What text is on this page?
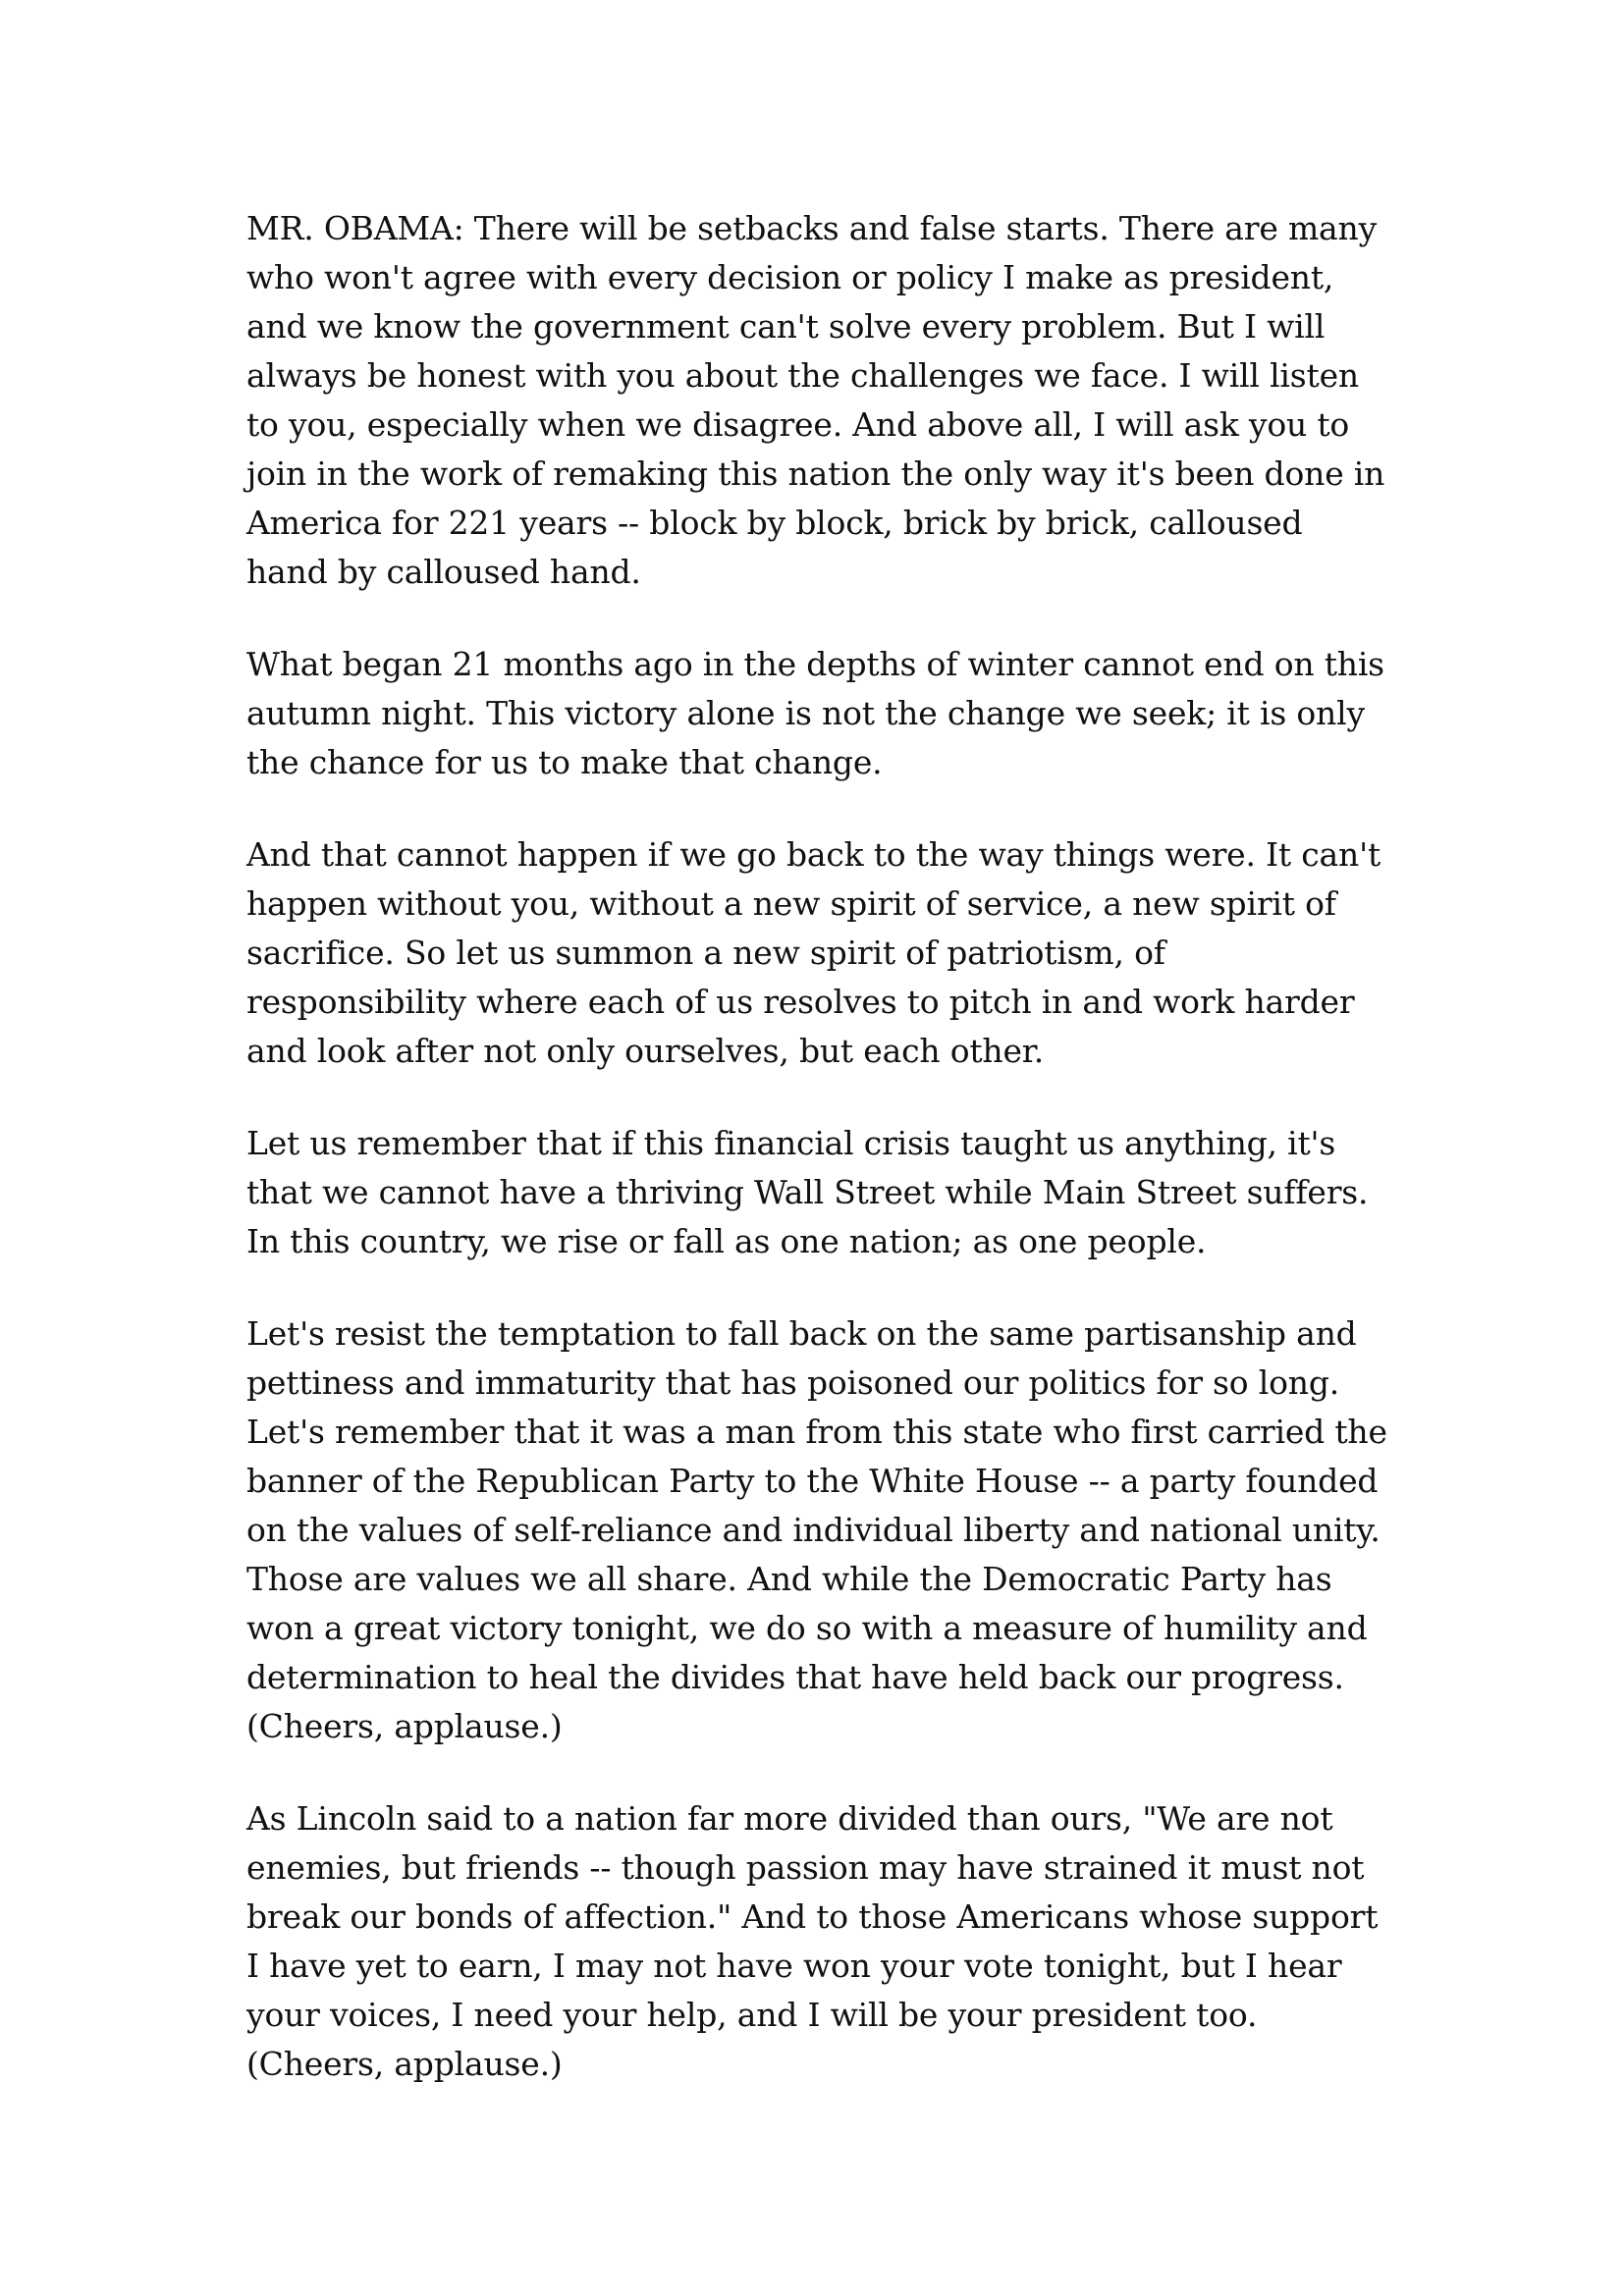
MR. OBAMA: There will be setbacks and false starts. There are many
who won't agree with every decision or policy I make as president,
and we know the government can't solve every problem. But I will
always be honest with you about the challenges we face. I will listen
to you, especially when we disagree. And above all, I will ask you to
join in the work of remaking this nation the only way it's been done in
America for 221 years -- block by block, brick by brick, calloused
hand by calloused hand.

What began 21 months ago in the depths of winter cannot end on this
autumn night. This victory alone is not the change we seek; it is only
the chance for us to make that change.

And that cannot happen if we go back to the way things were. It can't
happen without you, without a new spirit of service, a new spirit of
sacrifice. So let us summon a new spirit of patriotism, of
responsibility where each of us resolves to pitch in and work harder
and look after not only ourselves, but each other.

Let us remember that if this financial crisis taught us anything, it's
that we cannot have a thriving Wall Street while Main Street suffers.
In this country, we rise or fall as one nation; as one people.

Let's resist the temptation to fall back on the same partisanship and
pettiness and immaturity that has poisoned our politics for so long.
Let's remember that it was a man from this state who first carried the
banner of the Republican Party to the White House -- a party founded
on the values of self-reliance and individual liberty and national unity.
Those are values we all share. And while the Democratic Party has
won a great victory tonight, we do so with a measure of humility and
determination to heal the divides that have held back our progress.
(Cheers, applause.)

As Lincoln said to a nation far more divided than ours, "We are not
enemies, but friends -- though passion may have strained it must not
break our bonds of affection." And to those Americans whose support
I have yet to earn, I may not have won your vote tonight, but I hear
your voices, I need your help, and I will be your president too.
(Cheers, applause.)
